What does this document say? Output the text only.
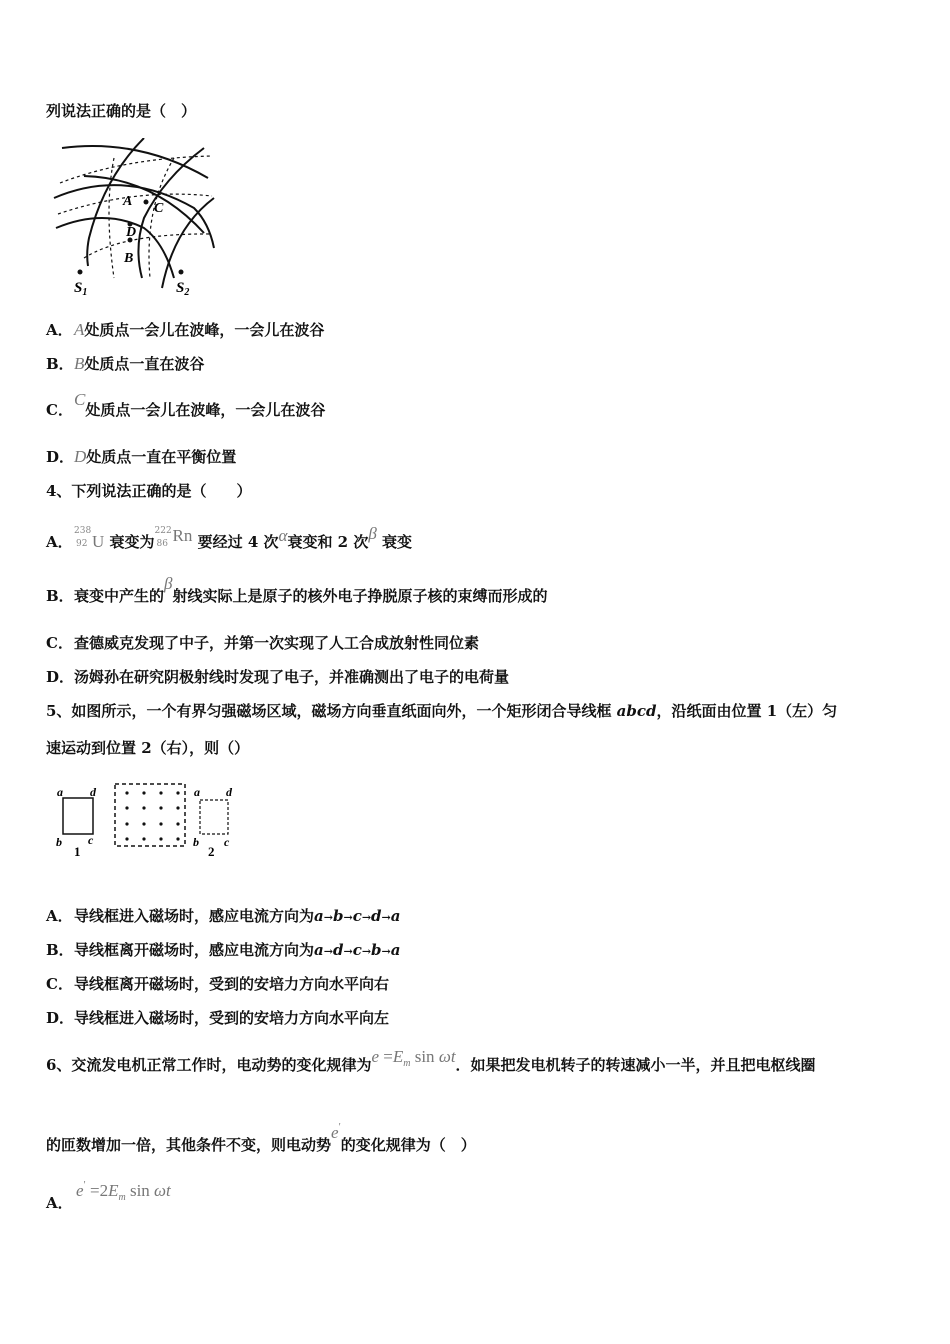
列说法正确的是（　）
A C
D
B
$S_1$	$S_2$
A．A处质点一会儿在波峰，一会儿在波谷
B．B处质点一直在波谷
C．C处质点一会儿在波峰，一会儿在波谷
D．D处质点一直在平衡位置
4、下列说法正确的是（　　）
A．
238
92 U 衰变为
222
86 Rn 要经过 4 次α衰变和 2 次β 衰变
B．衰变中产生的β射线实际上是原子的核外电子挣脱原子核的束缚而形成的
C．查德威克发现了中子，并第一次实现了人工合成放射性同位素
D．汤姆孙在研究阴极射线时发现了电子，并准确测出了电子的电荷量
5、如图所示，一个有界匀强磁场区域，磁场方向垂直纸面向外，一个矩形闭合导线框 abcd，沿纸面由位置 1（左）匀
速运动到位置 2（右），则（）
a d
b c
1
a d
b c
2
A．导线框进入磁场时，感应电流方向为a→b→c→d→a
B．导线框离开磁场时，感应电流方向为a→d→c→b→a
C．导线框离开磁场时，受到的安培力方向水平向右
D．导线框进入磁场时，受到的安培力方向水平向左
6、交流发电机正常工作时，电动势的变化规律为$e =E_m$ sin ωt．如果把发电机转子的转速减小一半，并且把电枢线圈
的匝数增加一倍，其他条件不变，则电动势e′的变化规律为（　）
A．$e' =2E_m$ sin ωt
